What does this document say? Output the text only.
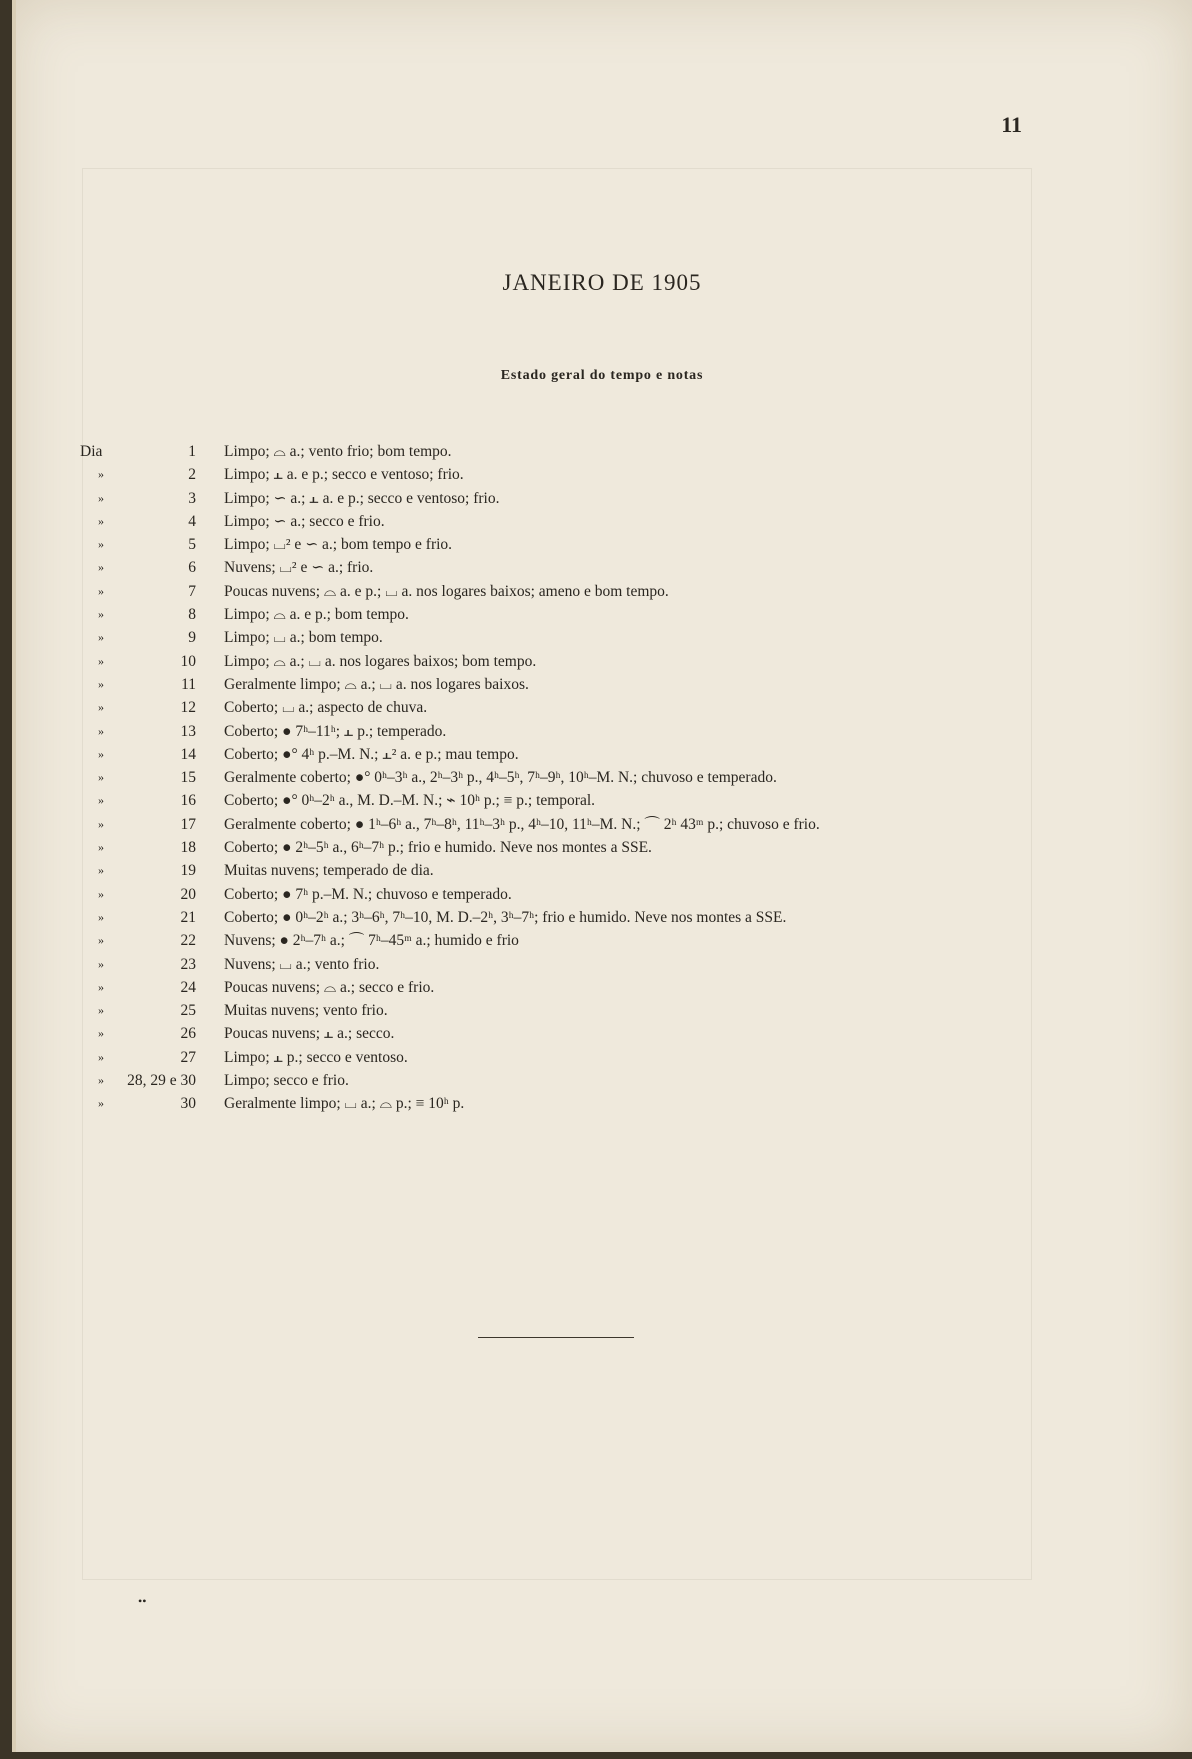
11
JANEIRO DE 1905
Estado geral do tempo e notas
Dia	1 Limpo; ⌓ a.; vento frio; bom tempo.
»	2 Limpo; ⫠ a. e p.; secco e ventoso; frio.
»	3 Limpo; ∽ a.; ⫠ a. e p.; secco e ventoso; frio.
»	4 Limpo; ∽ a.; secco e frio.
»	5 Limpo; ⌴² e ∽ a.; bom tempo e frio.
»	6 Nuvens; ⌴² e ∽ a.; frio.
»	7 Poucas nuvens; ⌓ a. e p.; ⌴ a. nos logares baixos; ameno e bom tempo.
»	8 Limpo; ⌓ a. e p.; bom tempo.
»	9 Limpo; ⌴ a.; bom tempo.
»	10 Limpo; ⌓ a.; ⌴ a. nos logares baixos; bom tempo.
»	11 Geralmente limpo; ⌓ a.; ⌴ a. nos logares baixos.
»	12 Coberto; ⌴ a.; aspecto de chuva.
»	13 Coberto; ● 7ʰ–11ʰ; ⫠ p.; temperado.
»	14 Coberto; ●° 4ʰ p.–M. N.; ⫠² a. e p.; mau tempo.
»	15 Geralmente coberto; ●° 0ʰ–3ʰ a., 2ʰ–3ʰ p., 4ʰ–5ʰ, 7ʰ–9ʰ, 10ʰ–M. N.; chuvoso e temperado.
»	16 Coberto; ●° 0ʰ–2ʰ a., M. D.–M. N.; ⌁ 10ʰ p.; ≡ p.; temporal.
»	17 Geralmente coberto; ● 1ʰ–6ʰ a., 7ʰ–8ʰ, 11ʰ–3ʰ p., 4ʰ–10, 11ʰ–M. N.; ⌒ 2ʰ 43ᵐ p.; chuvoso e frio.
»	18 Coberto; ● 2ʰ–5ʰ a., 6ʰ–7ʰ p.; frio e humido. Neve nos montes a SSE.
»	19 Muitas nuvens; temperado de dia.
»	20 Coberto; ● 7ʰ p.–M. N.; chuvoso e temperado.
»	21 Coberto; ● 0ʰ–2ʰ a.; 3ʰ–6ʰ, 7ʰ–10, M. D.–2ʰ, 3ʰ–7ʰ; frio e humido. Neve nos montes a SSE.
»	22 Nuvens; ● 2ʰ–7ʰ a.; ⌒ 7ʰ–45ᵐ a.; humido e frio
»	23 Nuvens; ⌴ a.; vento frio.
»	24 Poucas nuvens; ⌓ a.; secco e frio.
»	25 Muitas nuvens; vento frio.
»	26 Poucas nuvens; ⫠ a.; secco.
»	27 Limpo; ⫠ p.; secco e ventoso.
»	28, 29 e 30 Limpo; secco e frio.
»	30 Geralmente limpo; ⌴ a.; ⌓ p.; ≡ 10ʰ p.
••
